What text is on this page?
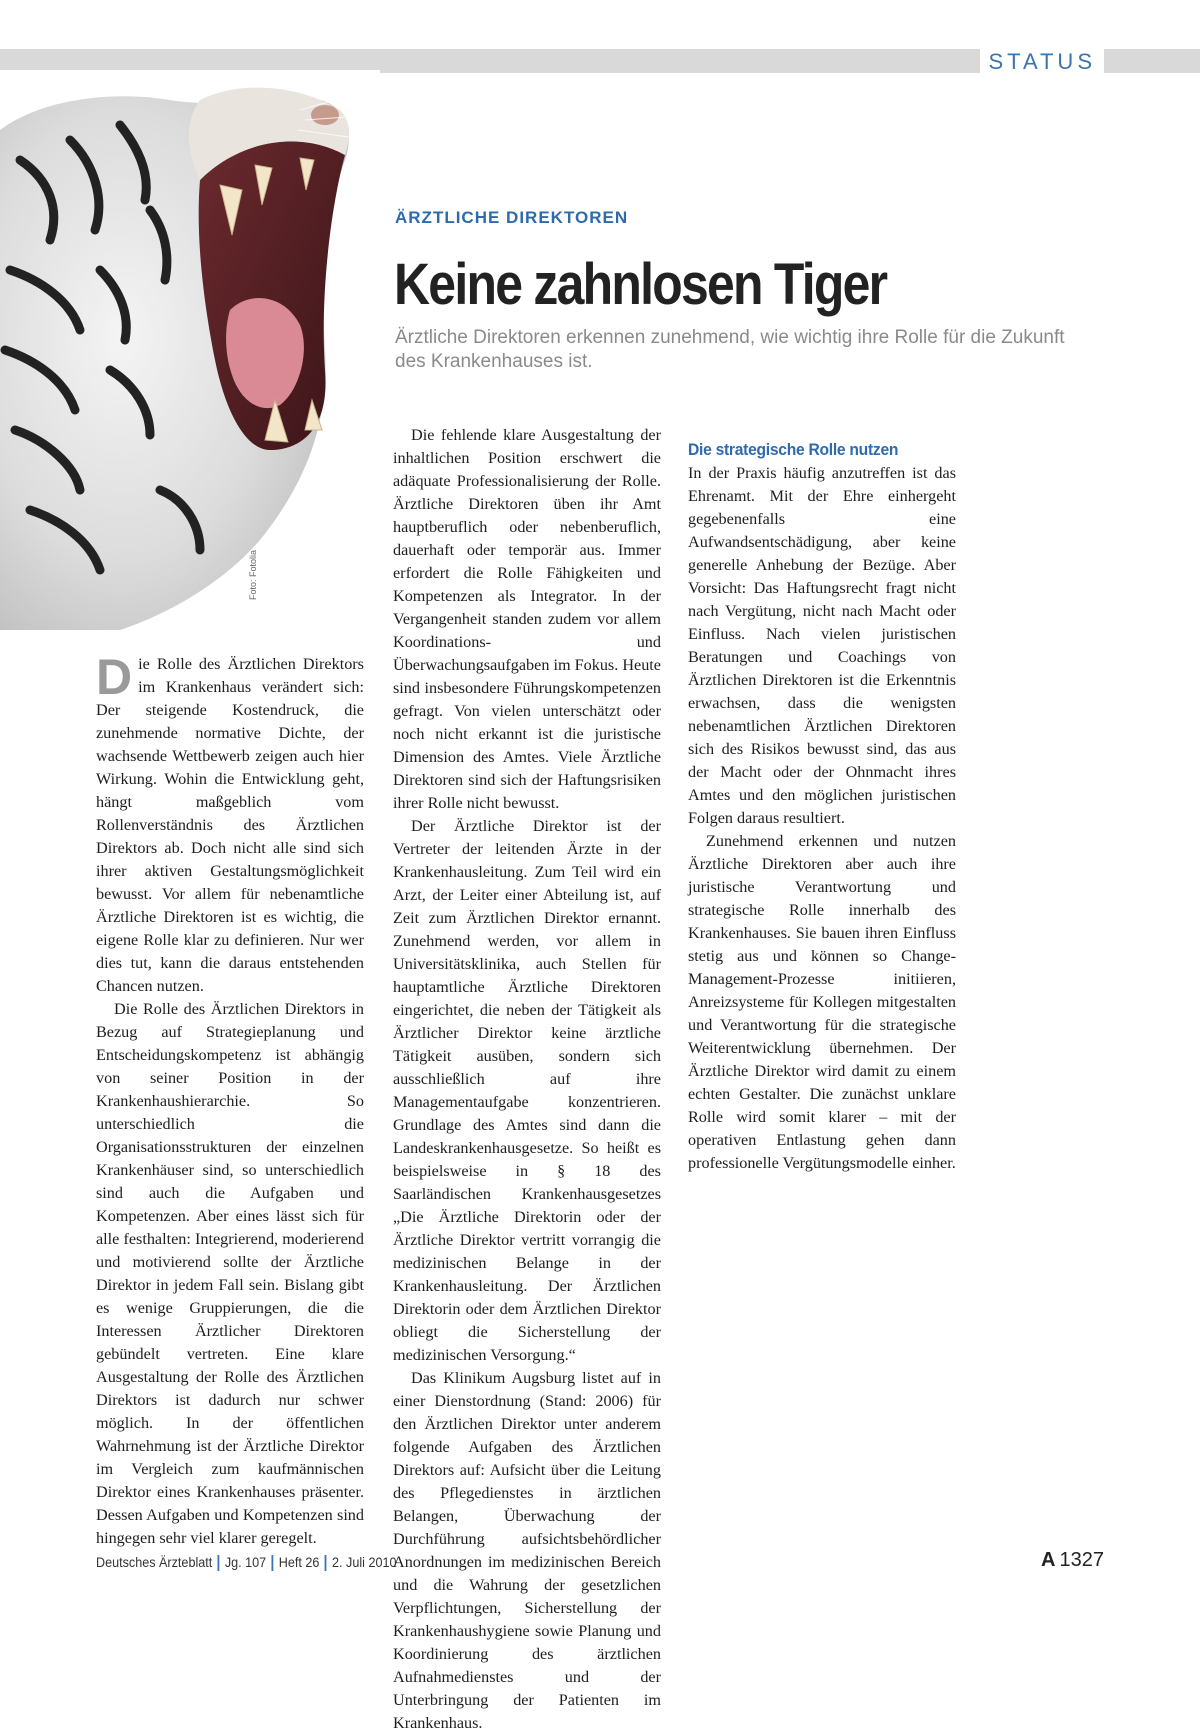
STATUS
Foto: Fotolia
ÄRZTLICHE DIREKTOREN
Keine zahnlosen Tiger

Ärztliche Direktoren erkennen zunehmend, wie wichtig ihre Rolle für die Zukunft des Krankenhauses ist.

Die Rolle des Ärztlichen Direktors im Krankenhaus verändert sich: Der steigende Kostendruck, die zunehmende normative Dichte, der wachsende Wettbewerb zeigen auch hier Wirkung. Wohin die Entwicklung geht, hängt maßgeblich vom Rollenverständnis des Ärztlichen Direktors ab. Doch nicht alle sind sich ihrer aktiven Gestaltungsmöglichkeit bewusst. Vor allem für nebenamtliche Ärztliche Direktoren ist es wichtig, die eigene Rolle klar zu definieren. Nur wer dies tut, kann die daraus entstehenden Chancen nutzen.

Die Rolle des Ärztlichen Direktors in Bezug auf Strategieplanung und Entscheidungskompetenz ist abhängig von seiner Position in der Krankenhaushierarchie. So unterschiedlich die Organisationsstrukturen der einzelnen Krankenhäuser sind, so unterschiedlich sind auch die Aufgaben und Kompetenzen. Aber eines lässt sich für alle festhalten: Integrierend, moderierend und motivierend sollte der Ärztliche Direktor in jedem Fall sein. Bislang gibt es wenige Gruppierungen, die die Interessen Ärztlicher Direktoren gebündelt vertreten. Eine klare Ausgestaltung der Rolle des Ärztlichen Direktors ist dadurch nur schwer möglich. In der öffentlichen Wahrnehmung ist der Ärztliche Direktor im Vergleich zum kaufmännischen Direktor eines Krankenhauses präsenter. Dessen Aufgaben und Kompetenzen sind hingegen sehr viel klarer geregelt.

Die fehlende klare Ausgestaltung der inhaltlichen Position erschwert die adäquate Professionalisierung der Rolle. Ärztliche Direktoren üben ihr Amt hauptberuflich oder nebenberuflich, dauerhaft oder temporär aus. Immer erfordert die Rolle Fähigkeiten und Kompetenzen als Integrator. In der Vergangenheit standen zudem vor allem Koordinations- und Überwachungsaufgaben im Fokus. Heute sind insbesondere Führungskompetenzen gefragt. Von vielen unterschätzt oder noch nicht erkannt ist die juristische Dimension des Amtes. Viele Ärztliche Direktoren sind sich der Haftungsrisiken ihrer Rolle nicht bewusst.

Der Ärztliche Direktor ist der Vertreter der leitenden Ärzte in der Krankenhausleitung. Zum Teil wird ein Arzt, der Leiter einer Abteilung ist, auf Zeit zum Ärztlichen Direktor ernannt. Zunehmend werden, vor allem in Universitätsklinika, auch Stellen für hauptamtliche Ärztliche Direktoren eingerichtet, die neben der Tätigkeit als Ärztlicher Direktor keine ärztliche Tätigkeit ausüben, sondern sich ausschließlich auf ihre Managementaufgabe konzentrieren. Grundlage des Amtes sind dann die Landeskrankenhausgesetze. So heißt es beispielsweise in § 18 des Saarländischen Krankenhausgesetzes „Die Ärztliche Direktorin oder der Ärztliche Direktor vertritt vorrangig die medizinischen Belange in der Krankenhausleitung. Der Ärztlichen Direktorin oder dem Ärztlichen Direktor obliegt die Sicherstellung der medizinischen Versorgung.“

Das Klinikum Augsburg listet auf in einer Dienstordnung (Stand: 2006) für den Ärztlichen Direktor unter anderem folgende Aufgaben des Ärztlichen Direktors auf: Aufsicht über die Leitung des Pflegedienstes in ärztlichen Belangen, Überwachung der Durchführung aufsichtsbehördlicher Anordnungen im medizinischen Bereich und die Wahrung der gesetzlichen Verpflichtungen, Sicherstellung der Krankenhaushygiene sowie Planung und Koordinierung des ärztlichen Aufnahmedienstes und der Unterbringung der Patienten im Krankenhaus.

Die strategische Rolle nutzen

In der Praxis häufig anzutreffen ist das Ehrenamt. Mit der Ehre einhergeht gegebenenfalls eine Aufwandsentschädigung, aber keine generelle Anhebung der Bezüge. Aber Vorsicht: Das Haftungsrecht fragt nicht nach Vergütung, nicht nach Macht oder Einfluss. Nach vielen juristischen Beratungen und Coachings von Ärztlichen Direktoren ist die Erkenntnis erwachsen, dass die wenigsten nebenamtlichen Ärztlichen Direktoren sich des Risikos bewusst sind, das aus der Macht oder der Ohnmacht ihres Amtes und den möglichen juristischen Folgen daraus resultiert.

Zunehmend erkennen und nutzen Ärztliche Direktoren aber auch ihre juristische Verantwortung und strategische Rolle innerhalb des Krankenhauses. Sie bauen ihren Einfluss stetig aus und können so Change-Management-Prozesse initiieren, Anreizsysteme für Kollegen mitgestalten und Verantwortung für die strategische Weiterentwicklung übernehmen. Der Ärztliche Direktor wird damit zu einem echten Gestalter. Die zunächst unklare Rolle wird somit klarer – mit der operativen Entlastung gehen dann professionelle Vergütungsmodelle einher.

Deutsches Ärzteblatt Jg. 107 Heft 26 2. Juli 2010	A 1327
